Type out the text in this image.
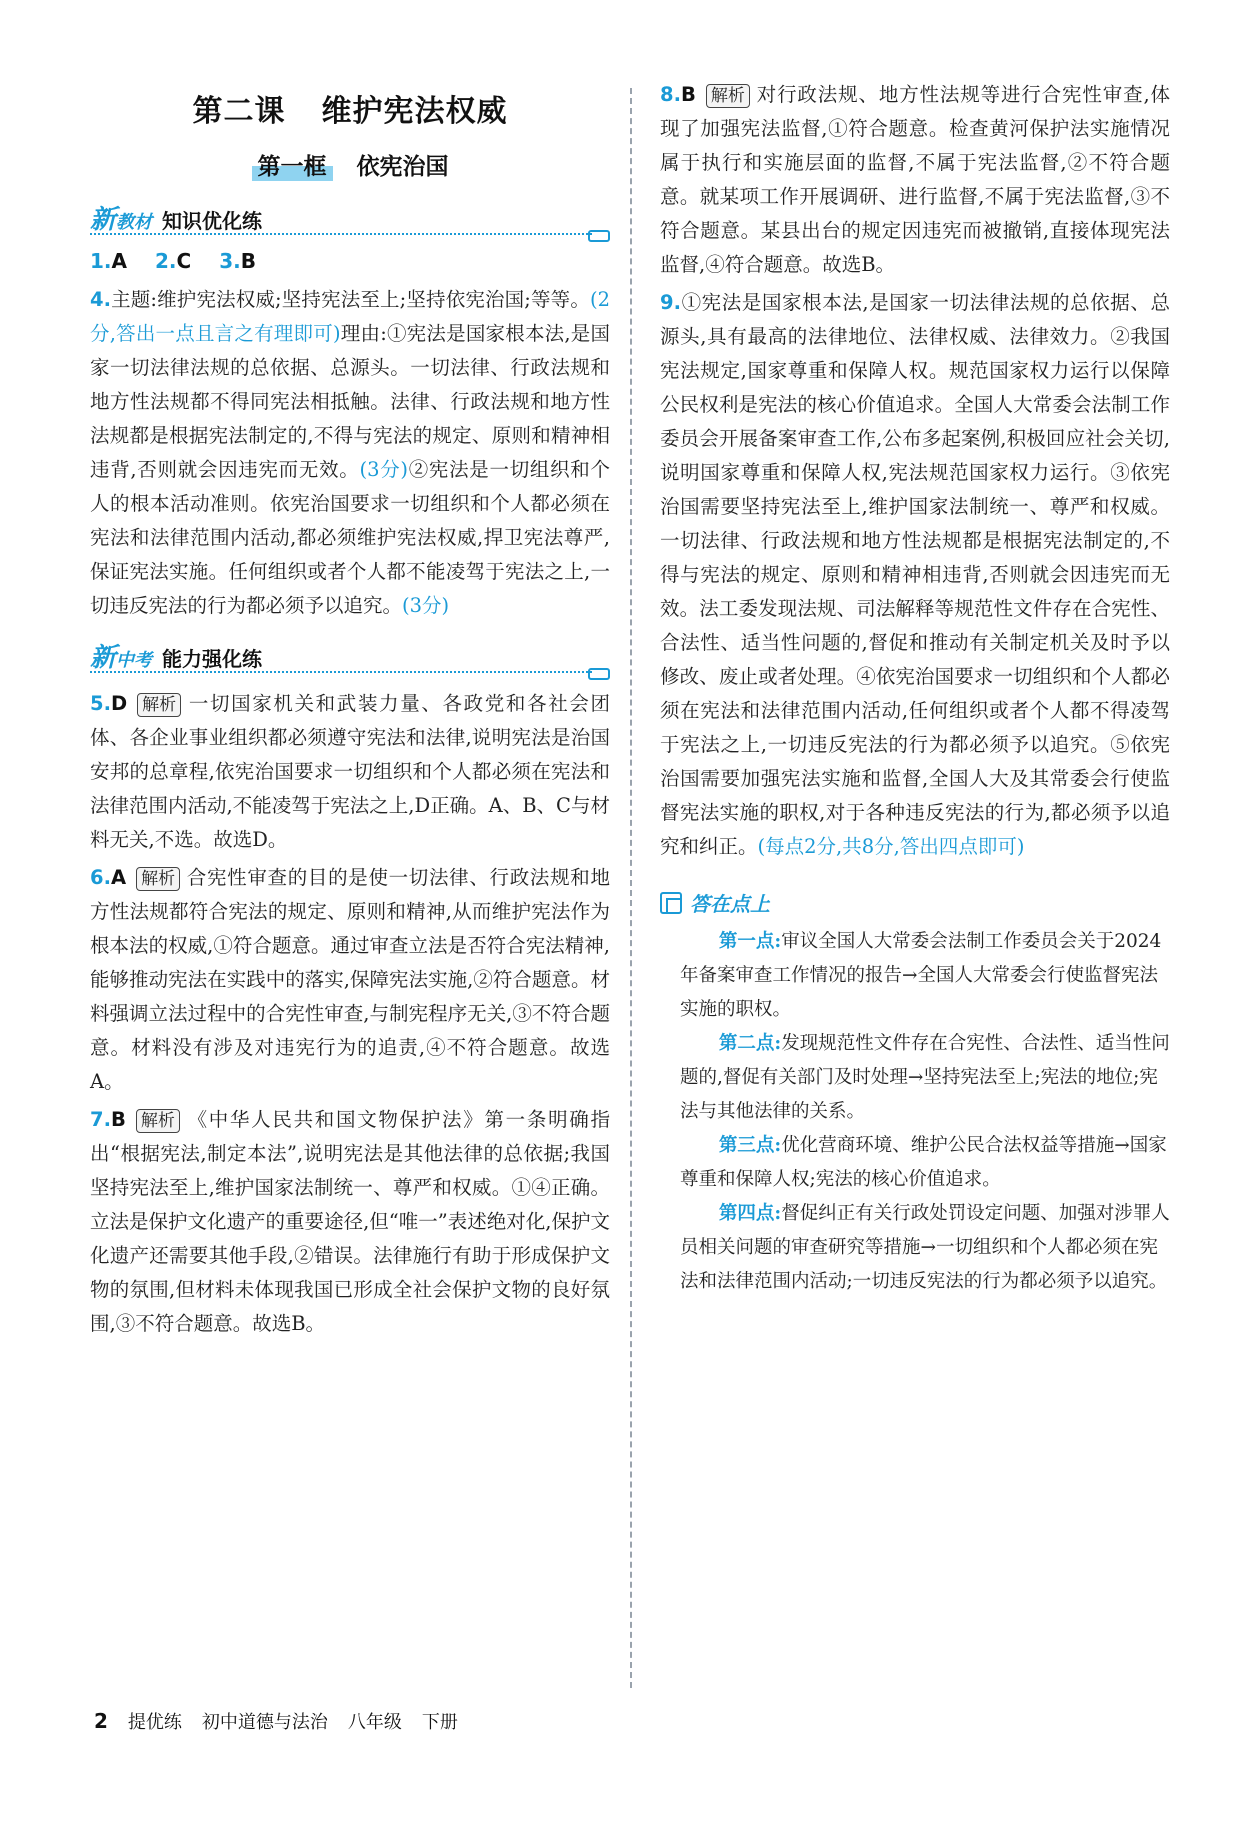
第二课 维护宪法权威
第一框 依宪治国
新教材 知识优化练
1.A 2.C 3.B
4.主题:维护宪法权威;坚持宪法至上;坚持依宪治国;等等。(2分,答出一点且言之有理即可)理由:①宪法是国家根本法,是国家一切法律法规的总依据、总源头。一切法律、行政法规和地方性法规都不得同宪法相抵触。法律、行政法规和地方性法规都是根据宪法制定的,不得与宪法的规定、原则和精神相违背,否则就会因违宪而无效。(3分)②宪法是一切组织和个人的根本活动准则。依宪治国要求一切组织和个人都必须在宪法和法律范围内活动,都必须维护宪法权威,捍卫宪法尊严,保证宪法实施。任何组织或者个人都不能凌驾于宪法之上,一切违反宪法的行为都必须予以追究。(3分)
新中考 能力强化练
5.D 解析 一切国家机关和武装力量、各政党和各社会团体、各企业事业组织都必须遵守宪法和法律,说明宪法是治国安邦的总章程,依宪治国要求一切组织和个人都必须在宪法和法律范围内活动,不能凌驾于宪法之上,D正确。A、B、C与材料无关,不选。故选D。
6.A 解析 合宪性审查的目的是使一切法律、行政法规和地方性法规都符合宪法的规定、原则和精神,从而维护宪法作为根本法的权威,①符合题意。通过审查立法是否符合宪法精神,能够推动宪法在实践中的落实,保障宪法实施,②符合题意。材料强调立法过程中的合宪性审查,与制宪程序无关,③不符合题意。材料没有涉及对违宪行为的追责,④不符合题意。故选A。
7.B 解析 《中华人民共和国文物保护法》第一条明确指出“根据宪法,制定本法”,说明宪法是其他法律的总依据;我国坚持宪法至上,维护国家法制统一、尊严和权威。①④正确。立法是保护文化遗产的重要途径,但“唯一”表述绝对化,保护文化遗产还需要其他手段,②错误。法律施行有助于形成保护文物的氛围,但材料未体现我国已形成全社会保护文物的良好氛围,③不符合题意。故选B。
8.B 解析 对行政法规、地方性法规等进行合宪性审查,体现了加强宪法监督,①符合题意。检查黄河保护法实施情况属于执行和实施层面的监督,不属于宪法监督,②不符合题意。就某项工作开展调研、进行监督,不属于宪法监督,③不符合题意。某县出台的规定因违宪而被撤销,直接体现宪法监督,④符合题意。故选B。
9.①宪法是国家根本法,是国家一切法律法规的总依据、总源头,具有最高的法律地位、法律权威、法律效力。②我国宪法规定,国家尊重和保障人权。规范国家权力运行以保障公民权利是宪法的核心价值追求。全国人大常委会法制工作委员会开展备案审查工作,公布多起案例,积极回应社会关切,说明国家尊重和保障人权,宪法规范国家权力运行。③依宪治国需要坚持宪法至上,维护国家法制统一、尊严和权威。一切法律、行政法规和地方性法规都是根据宪法制定的,不得与宪法的规定、原则和精神相违背,否则就会因违宪而无效。法工委发现法规、司法解释等规范性文件存在合宪性、合法性、适当性问题的,督促和推动有关制定机关及时予以修改、废止或者处理。④依宪治国要求一切组织和个人都必须在宪法和法律范围内活动,任何组织或者个人都不得凌驾于宪法之上,一切违反宪法的行为都必须予以追究。⑤依宪治国需要加强宪法实施和监督,全国人大及其常委会行使监督宪法实施的职权,对于各种违反宪法的行为,都必须予以追究和纠正。(每点2分,共8分,答出四点即可)
答在点上
第一点:审议全国人大常委会法制工作委员会关于2024年备案审查工作情况的报告→全国人大常委会行使监督宪法实施的职权。
第二点:发现规范性文件存在合宪性、合法性、适当性问题的,督促有关部门及时处理→坚持宪法至上;宪法的地位;宪法与其他法律的关系。
第三点:优化营商环境、维护公民合法权益等措施→国家尊重和保障人权;宪法的核心价值追求。
第四点:督促纠正有关行政处罚设定问题、加强对涉罪人员相关问题的审查研究等措施→一切组织和个人都必须在宪法和法律范围内活动;一切违反宪法的行为都必须予以追究。
2 提优练 初中道德与法治 八年级 下册
